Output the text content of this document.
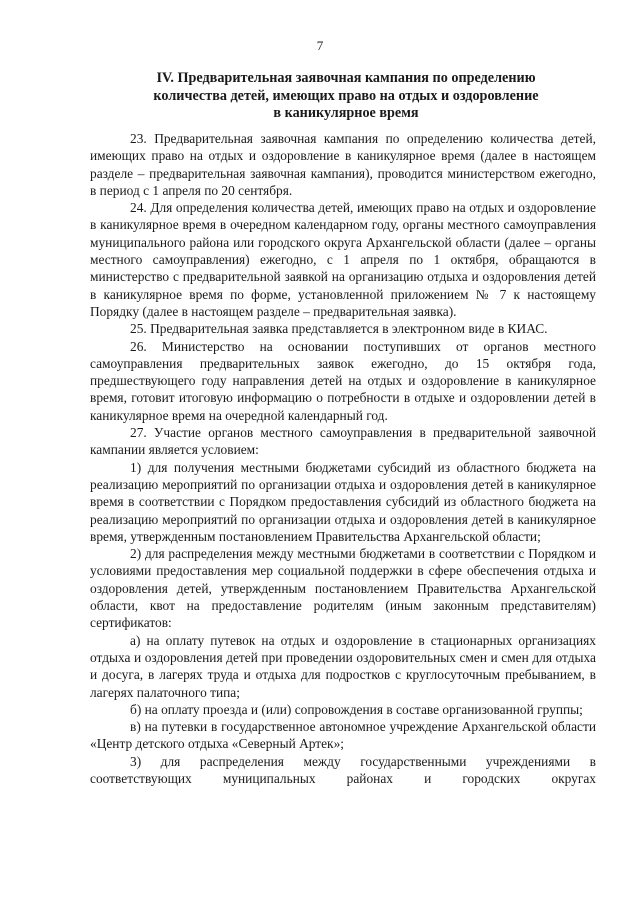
7
IV. Предварительная заявочная кампания по определению
количества детей, имеющих право на отдых и оздоровление
в каникулярное время

23. Предварительная заявочная кампания по определению количества детей, имеющих право на отдых и оздоровление в каникулярное время (далее в настоящем разделе – предварительная заявочная кампания), проводится министерством ежегодно, в период с 1 апреля по 20 сентября.

24. Для определения количества детей, имеющих право на отдых и оздоровление в каникулярное время в очередном календарном году, органы местного самоуправления муниципального района или городского округа Архангельской области (далее – органы местного самоуправления) ежегодно, с 1 апреля по 1 октября, обращаются в министерство с предварительной заявкой на организацию отдыха и оздоровления детей в каникулярное время по форме, установленной приложением № 7 к настоящему Порядку (далее в настоящем разделе – предварительная заявка).

25. Предварительная заявка представляется в электронном виде в КИАС.

26. Министерство на основании поступивших от органов местного самоуправления предварительных заявок ежегодно, до 15 октября года, предшествующего году направления детей на отдых и оздоровление в каникулярное время, готовит итоговую информацию о потребности в отдыхе и оздоровлении детей в каникулярное время на очередной календарный год.

27. Участие органов местного самоуправления в предварительной заявочной кампании является условием:

1) для получения местными бюджетами субсидий из областного бюджета на реализацию мероприятий по организации отдыха и оздоровления детей в каникулярное время в соответствии с Порядком предоставления субсидий из областного бюджета на реализацию мероприятий по организации отдыха и оздоровления детей в каникулярное время, утвержденным постановлением Правительства Архангельской области;

2) для распределения между местными бюджетами в соответствии с Порядком и условиями предоставления мер социальной поддержки в сфере обеспечения отдыха и оздоровления детей, утвержденным постановлением Правительства Архангельской области, квот на предоставление родителям (иным законным представителям) сертификатов:

а) на оплату путевок на отдых и оздоровление в стационарных организациях отдыха и оздоровления детей при проведении оздоровительных смен и смен для отдыха и досуга, в лагерях труда и отдыха для подростков с круглосуточным пребыванием, в лагерях палаточного типа;

б) на оплату проезда и (или) сопровождения в составе организованной группы;

в) на путевки в государственное автономное учреждение Архангельской области «Центр детского отдыха «Северный Артек»;

3) для распределения между государственными учреждениями в соответствующих муниципальных районах и городских округах
